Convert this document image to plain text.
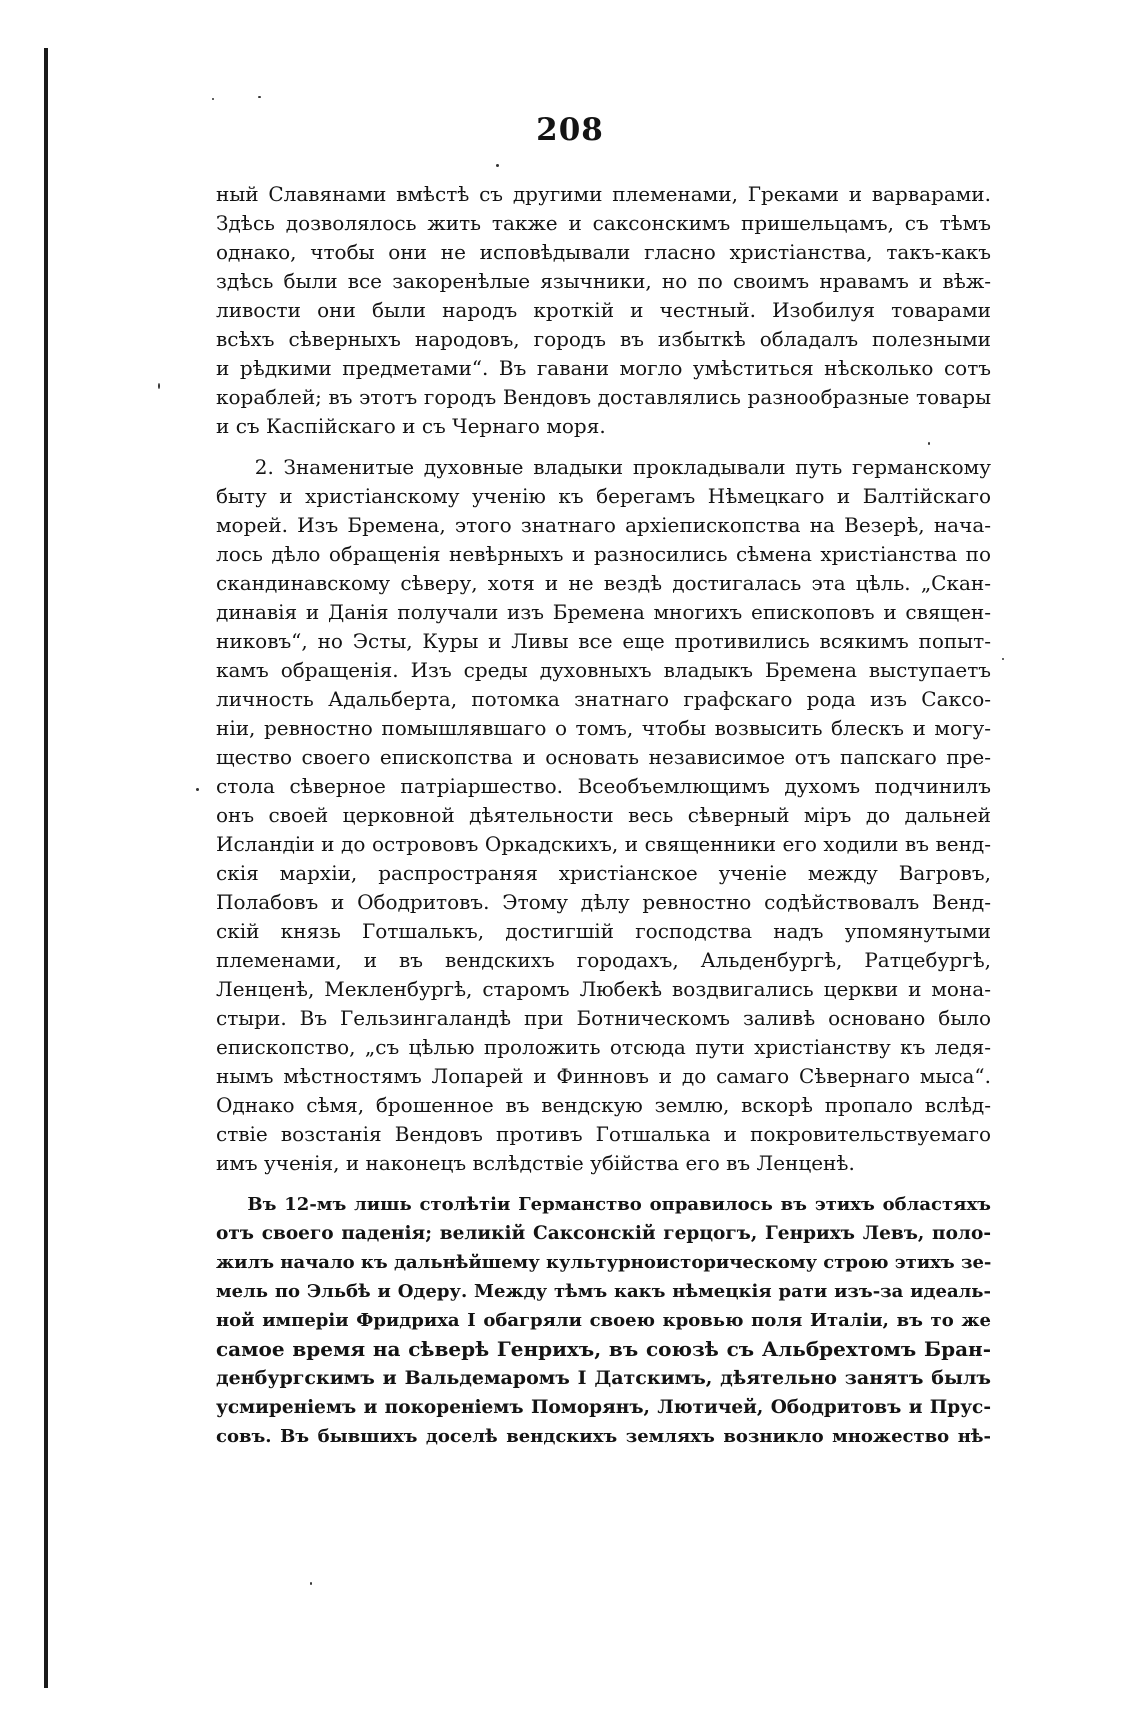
208
ный Славянами вмѣстѣ съ другими племенами, Греками и варварами.
Здѣсь дозволялось жить также и саксонскимъ пришельцамъ, съ тѣмъ
однако, чтобы они не исповѣдывали гласно христіанства, такъ-какъ
здѣсь были все закоренѣлые язычники, но по своимъ нравамъ и вѣж-
ливости они были народъ кроткій и честный. Изобилуя товарами
всѣхъ сѣверныхъ народовъ, городъ въ избыткѣ обладалъ полезными
и рѣдкими предметами“. Въ гавани могло умѣститься нѣсколько сотъ
кораблей; въ этотъ городъ Вендовъ доставлялись разнообразные товары
и съ Каспійскаго и съ Чернаго моря.
2. Знаменитые духовные владыки прокладывали путь германскому
быту и христіанскому ученію къ берегамъ Нѣмецкаго и Балтійскаго
морей. Изъ Бремена, этого знатнаго архіепископства на Везерѣ, нача-
лось дѣло обращенія невѣрныхъ и разносились сѣмена христіанства по
скандинавскому сѣверу, хотя и не вездѣ достигалась эта цѣль. „Скан-
динавія и Данія получали изъ Бремена многихъ епископовъ и священ-
никовъ“, но Эсты, Куры и Ливы все еще противились всякимъ попыт-
камъ обращенія. Изъ среды духовныхъ владыкъ Бремена выступаетъ
личность Адальберта, потомка знатнаго графскаго рода изъ Саксо-
ніи, ревностно помышлявшаго о томъ, чтобы возвысить блескъ и могу-
щество своего епископства и основать независимое отъ папскаго пре-
стола сѣверное патріаршество. Всеобъемлющимъ духомъ подчинилъ
онъ своей церковной дѣятельности весь сѣверный міръ до дальней
Исландіи и до острововъ Оркадскихъ, и священники его ходили въ венд-
скія мархіи, распространяя христіанское ученіе между Вагровъ,
Полабовъ и Ободритовъ. Этому дѣлу ревностно содѣйствовалъ Венд-
скій князь Готшалькъ, достигшій господства надъ упомянутыми
племенами, и въ вендскихъ городахъ, Альденбургѣ, Ратцебургѣ,
Ленценѣ, Мекленбургѣ, старомъ Любекѣ воздвигались церкви и мона-
стыри. Въ Гельзингаландѣ при Ботническомъ заливѣ основано было
епископство, „съ цѣлью проложить отсюда пути христіанству къ ледя-
нымъ мѣстностямъ Лопарей и Финновъ и до самаго Сѣвернаго мыса“.
Однако сѣмя, брошенное въ вендскую землю, вскорѣ пропало вслѣд-
ствіе возстанія Вендовъ противъ Готшалька и покровительствуемаго
имъ ученія, и наконецъ вслѣдствіе убійства его въ Ленценѣ.
Въ 12-мъ лишь столѣтіи Германство оправилось въ этихъ областяхъ
отъ своего паденія; великій Саксонскій герцогъ, Генрихъ Левъ, поло-
жилъ начало къ дальнѣйшему культурноисторическому строю этихъ зе-
мель по Эльбѣ и Одеру. Между тѣмъ какъ нѣмецкія рати изъ-за идеаль-
ной имперіи Фридриха I обагряли своею кровью поля Италіи, въ то же
самое время на сѣверѣ Генрихъ, въ союзѣ съ Альбрехтомъ Бран-
денбургскимъ и Вальдемаромъ I Датскимъ, дѣятельно занятъ былъ
усмиреніемъ и покореніемъ Поморянъ, Лютичей, Ободритовъ и Прус-
совъ. Въ бывшихъ доселѣ вендскихъ земляхъ возникло множество нѣ-
